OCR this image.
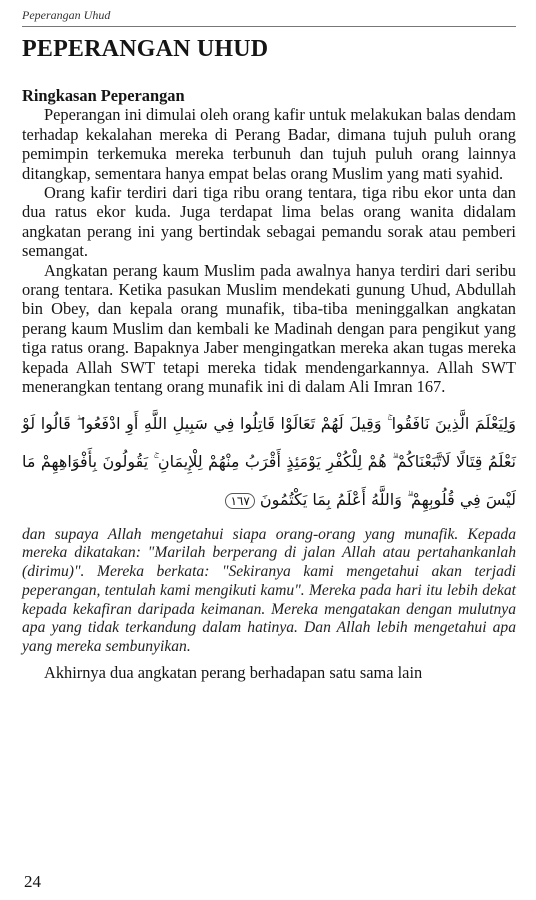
Peperangan Uhud
PEPERANGAN UHUD
Ringkasan Peperangan

Peperangan ini dimulai oleh orang kafir untuk melakukan balas dendam terhadap kekalahan mereka di Perang Badar, dimana tujuh puluh orang pemimpin terkemuka mereka terbunuh dan tujuh puluh orang lainnya ditangkap, sementara hanya empat belas orang Muslim yang mati syahid.

Orang kafir terdiri dari tiga ribu orang tentara, tiga ribu ekor unta dan dua ratus ekor kuda. Juga terdapat lima belas orang wanita didalam angkatan perang ini yang bertindak sebagai pemandu sorak atau pemberi semangat.

Angkatan perang kaum Muslim pada awalnya hanya terdiri dari seribu orang tentara. Ketika pasukan Muslim mendekati gunung Uhud, Abdullah bin Obey, dan kepala orang munafik, tiba-tiba meninggalkan angkatan perang kaum Muslim dan kembali ke Madinah dengan para pengikut yang tiga ratus orang. Bapaknya Jaber mengingatkan mereka akan tugas mereka kepada Allah SWT tetapi mereka tidak mendengarkannya. Allah SWT menerangkan tentang orang munafik ini di dalam Ali Imran 167.

وَلِيَعْلَمَ الَّذِينَ نَافَقُوا ۚ وَقِيلَ لَهُمْ تَعَالَوْا قَاتِلُوا فِي سَبِيلِ اللَّهِ أَوِ ادْفَعُوا ۖ قَالُوا لَوْ نَعْلَمُ قِتَالًا لَاتَّبَعْنَاكُمْ ۗ هُمْ لِلْكُفْرِ يَوْمَئِذٍ أَقْرَبُ مِنْهُمْ لِلْإِيمَانِ ۚ يَقُولُونَ بِأَفْوَاهِهِمْ مَا لَيْسَ فِي قُلُوبِهِمْ ۗ وَاللَّهُ أَعْلَمُ بِمَا يَكْتُمُونَ ١٦٧

dan supaya Allah mengetahui siapa orang-orang yang munafik. Kepada mereka dikatakan: "Marilah berperang di jalan Allah atau pertahankanlah (dirimu)". Mereka berkata: "Sekiranya kami mengetahui akan terjadi peperangan, tentulah kami mengikuti kamu". Mereka pada hari itu lebih dekat kepada kekafiran daripada keimanan. Mereka mengatakan dengan mulutnya apa yang tidak terkandung dalam hatinya. Dan Allah lebih mengetahui apa yang mereka sembunyikan.

Akhirnya dua angkatan perang berhadapan satu sama lain

24
